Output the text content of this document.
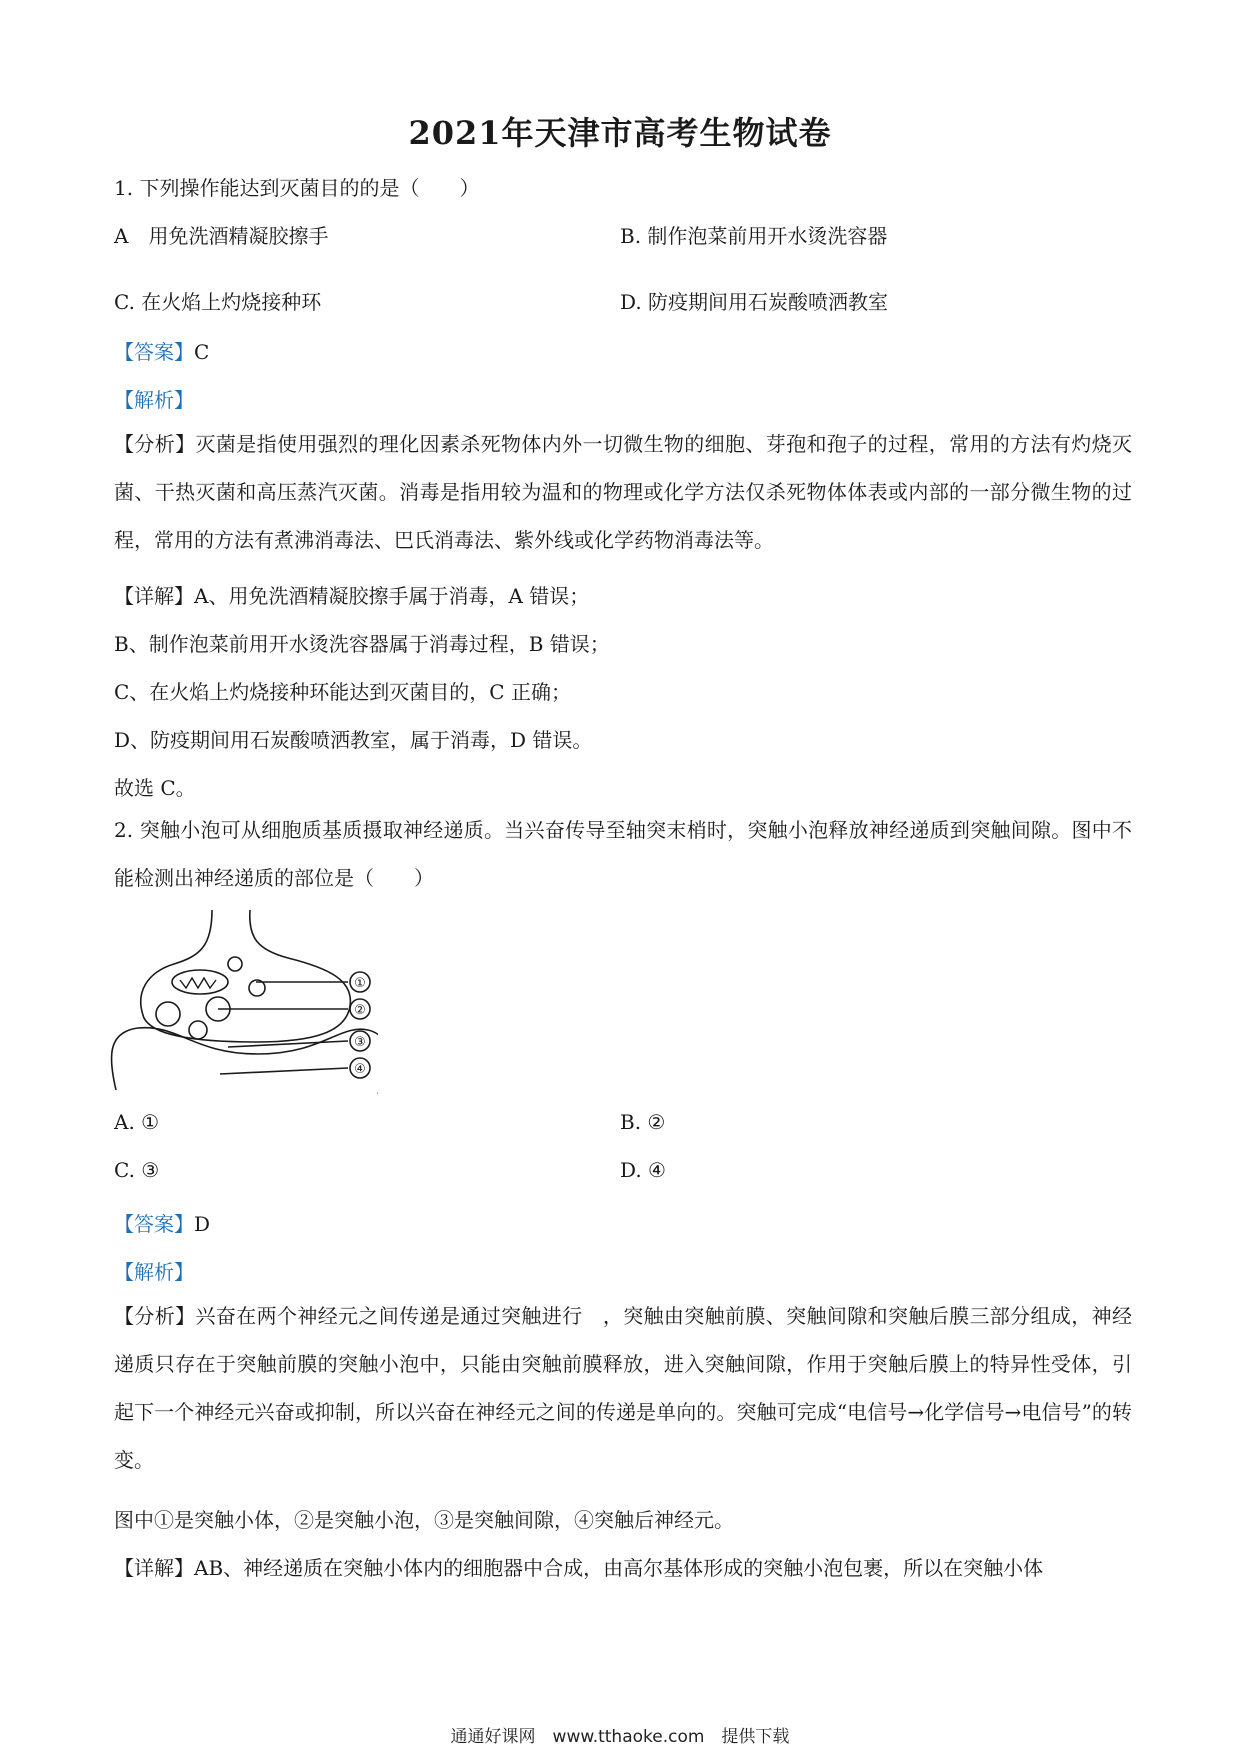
2021年天津市高考生物试卷
1. 下列操作能达到灭菌目的的是（　　）
A　用免洗酒精凝胶擦手	B. 制作泡菜前用开水烫洗容器
C. 在火焰上灼烧接种环	D. 防疫期间用石炭酸喷洒教室
【答案】C
【解析】
【分析】灭菌是指使用强烈的理化因素杀死物体内外一切微生物的细胞、芽孢和孢子的过程，常用的方法有灼烧灭菌、干热灭菌和高压蒸汽灭菌。消毒是指用较为温和的物理或化学方法仅杀死物体体表或内部的一部分微生物的过程，常用的方法有煮沸消毒法、巴氏消毒法、紫外线或化学药物消毒法等。
【详解】A、用免洗酒精凝胶擦手属于消毒，A 错误；
B、制作泡菜前用开水烫洗容器属于消毒过程，B 错误；
C、在火焰上灼烧接种环能达到灭菌目的，C 正确；
D、防疫期间用石炭酸喷洒教室，属于消毒，D 错误。
故选 C。
2. 突触小泡可从细胞质基质摄取神经递质。当兴奋传导至轴突末梢时，突触小泡释放神经递质到突触间隙。图中不能检测出神经递质的部位是（　　）
①
②
③
④
A. ①	B. ②
C. ③	D. ④
【答案】D
【解析】
【分析】兴奋在两个神经元之间传递是通过突触进行　，突触由突触前膜、突触间隙和突触后膜三部分组成，神经递质只存在于突触前膜的突触小泡中，只能由突触前膜释放，进入突触间隙，作用于突触后膜上的特异性受体，引起下一个神经元兴奋或抑制，所以兴奋在神经元之间的传递是单向的。突触可完成“电信号→化学信号→电信号”的转变。
图中①是突触小体，②是突触小泡，③是突触间隙，④突触后神经元。
【详解】AB、神经递质在突触小体内的细胞器中合成，由高尔基体形成的突触小泡包裹，所以在突触小体
通通好课网　www.tthaoke.com　提供下载
